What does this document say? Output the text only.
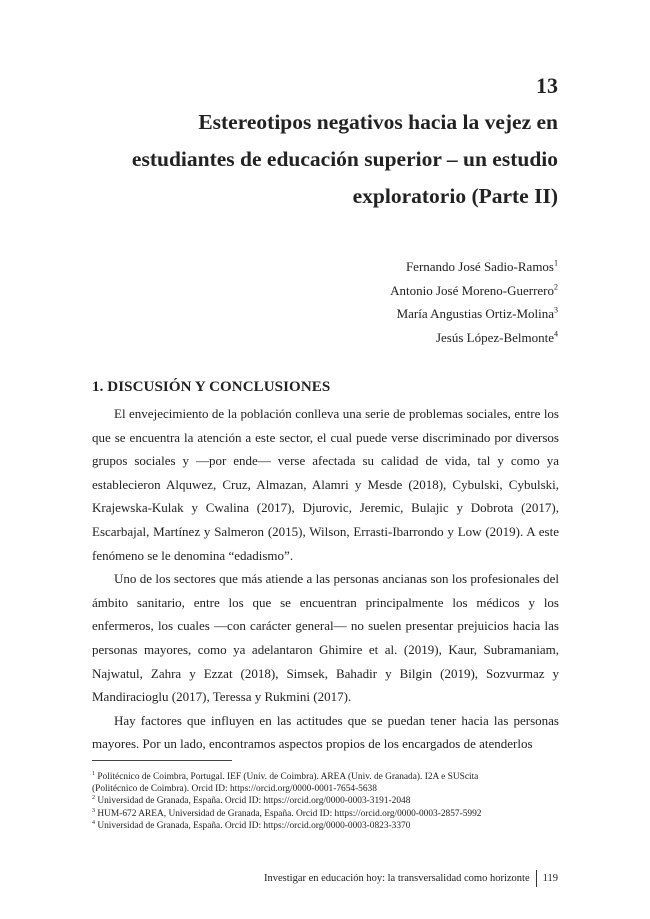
13
Estereotipos negativos hacia la vejez en
estudiantes de educación superior – un estudio
exploratorio (Parte II)
Fernando José Sadio-Ramos$^1$
Antonio José Moreno-Guerrero$^2$
María Angustias Ortiz-Molina$^3$
Jesús López-Belmonte$^4$
1. DISCUSIÓN Y CONCLUSIONES

El envejecimiento de la población conlleva una serie de problemas sociales, entre los que se encuentra la atención a este sector, el cual puede verse discriminado por diversos grupos sociales y —por ende— verse afectada su calidad de vida, tal y como ya establecieron Alquwez, Cruz, Almazan, Alamri y Mesde (2018), Cybulski, Cybulski, Krajewska-Kulak y Cwalina (2017), Djurovic, Jeremic, Bulajic y Dobrota (2017), Escarbajal, Martínez y Salmeron (2015), Wilson, Errasti-Ibarrondo y Low (2019). A este fenómeno se le denomina “edadismo”.

Uno de los sectores que más atiende a las personas ancianas son los profesionales del ámbito sanitario, entre los que se encuentran principalmente los médicos y los enfermeros, los cuales —con carácter general— no suelen presentar prejuicios hacia las personas mayores, como ya adelantaron Ghimire et al. (2019), Kaur, Subramaniam, Najwatul, Zahra y Ezzat (2018), Simsek, Bahadir y Bilgin (2019), Sozvurmaz y Mandiracioglu (2017), Teressa y Rukmini (2017).

Hay factores que influyen en las actitudes que se puedan tener hacia las personas mayores. Por un lado, encontramos aspectos propios de los encargados de atenderlos

$^1$ Politécnico de Coimbra, Portugal. IEF (Univ. de Coimbra). AREA (Univ. de Granada). I2A e SUScita
(Politécnico de Coimbra). Orcid ID: https://orcid.org/0000-0001-7654-5638
$^2$ Universidad de Granada, España. Orcid ID: https://orcid.org/0000-0003-3191-2048
$^3$ HUM-672 AREA, Universidad de Granada, España. Orcid ID: https://orcid.org/0000-0003-2857-5992
$^4$ Universidad de Granada, España. Orcid ID: https://orcid.org/0000-0003-0823-3370
Investigar en educación hoy: la transversalidad como horizonte 119
